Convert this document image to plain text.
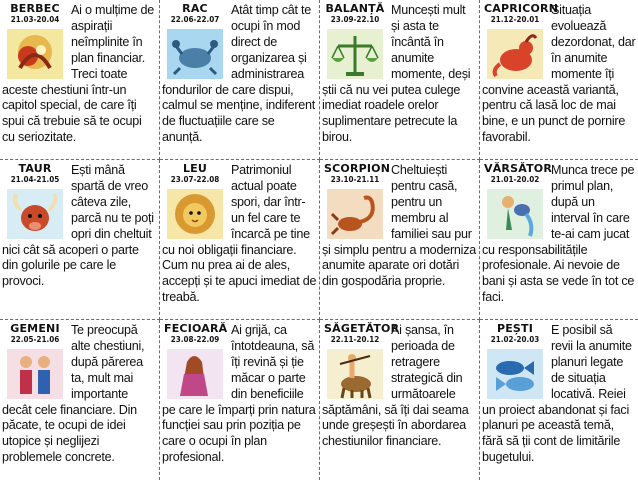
BERBEC
21.03-20.04
Ai o mulțime de aspirații neîmplinite în plan financiar. Treci toate aceste chestiuni într-un capitol special, de care îți spui că trebuie să te ocupi cu seriozitate.
RAC
22.06-22.07
Atât timp cât te ocupi în mod direct de organizarea și administrarea fondurilor de care dispui, calmul se menține, indiferent de fluctuațiile care se anunță.
BALANȚĂ
23.09-22.10
Muncești mult și asta te încântă în anumite momente, deși știi că nu vei putea culege imediat roadele orelor suplimentare petrecute la birou.
CAPRICORN
21.12-20.01
Situația evoluează dezordonat, dar în anumite momente îți convine această variantă, pentru că lasă loc de mai bine, e un punct de pornire favorabil.
TAUR
21.04-21.05
Ești mână spartă de vreo câteva zile, parcă nu te poți opri din cheltuit nici cât să acoperi o parte din golurile pe care le provoci.
LEU
23.07-22.08
Patrimoniul actual poate spori, dar într-un fel care te încarcă pe tine cu noi obligații financiare. Cum nu prea ai de ales, accepți și te apuci imediat de treabă.
SCORPION
23.10-21.11
Cheltuiești pentru casă, pentru un membru al familiei sau pur și simplu pentru a moderniza anumite aparate ori dotări din gospodăria proprie.
VĂRSĂTOR
21.01-20.02
Munca trece pe primul plan, după un interval în care te-ai cam jucat cu responsabilitățile profesionale. Ai nevoie de bani și asta se vede în tot ce faci.
GEMENI
22.05-21.06
Te preocupă alte chestiuni, după părerea ta, mult mai importante decât cele financiare. Din păcate, te ocupi de idei utopice și neglijezi problemele concrete.
FECIOARĂ
23.08-22.09
Ai grijă, ca întotdeauna, să îți revină și ție măcar o parte din beneficiile pe care le împarți prin natura funcției sau prin poziția pe care o ocupi în plan profesional.
SĂGETĂTOR
22.11-20.12
Ai șansa, în perioada de retragere strategică din următoarele săptămâni, să îți dai seama unde greșești în abordarea chestiunilor financiare.
PEȘTI
21.02-20.03
E posibil să revii la anumite planuri legate de situația locativă. Reiei un proiect abandonat și faci planuri pe această temă, fără să ții cont de limitările bugetului.
